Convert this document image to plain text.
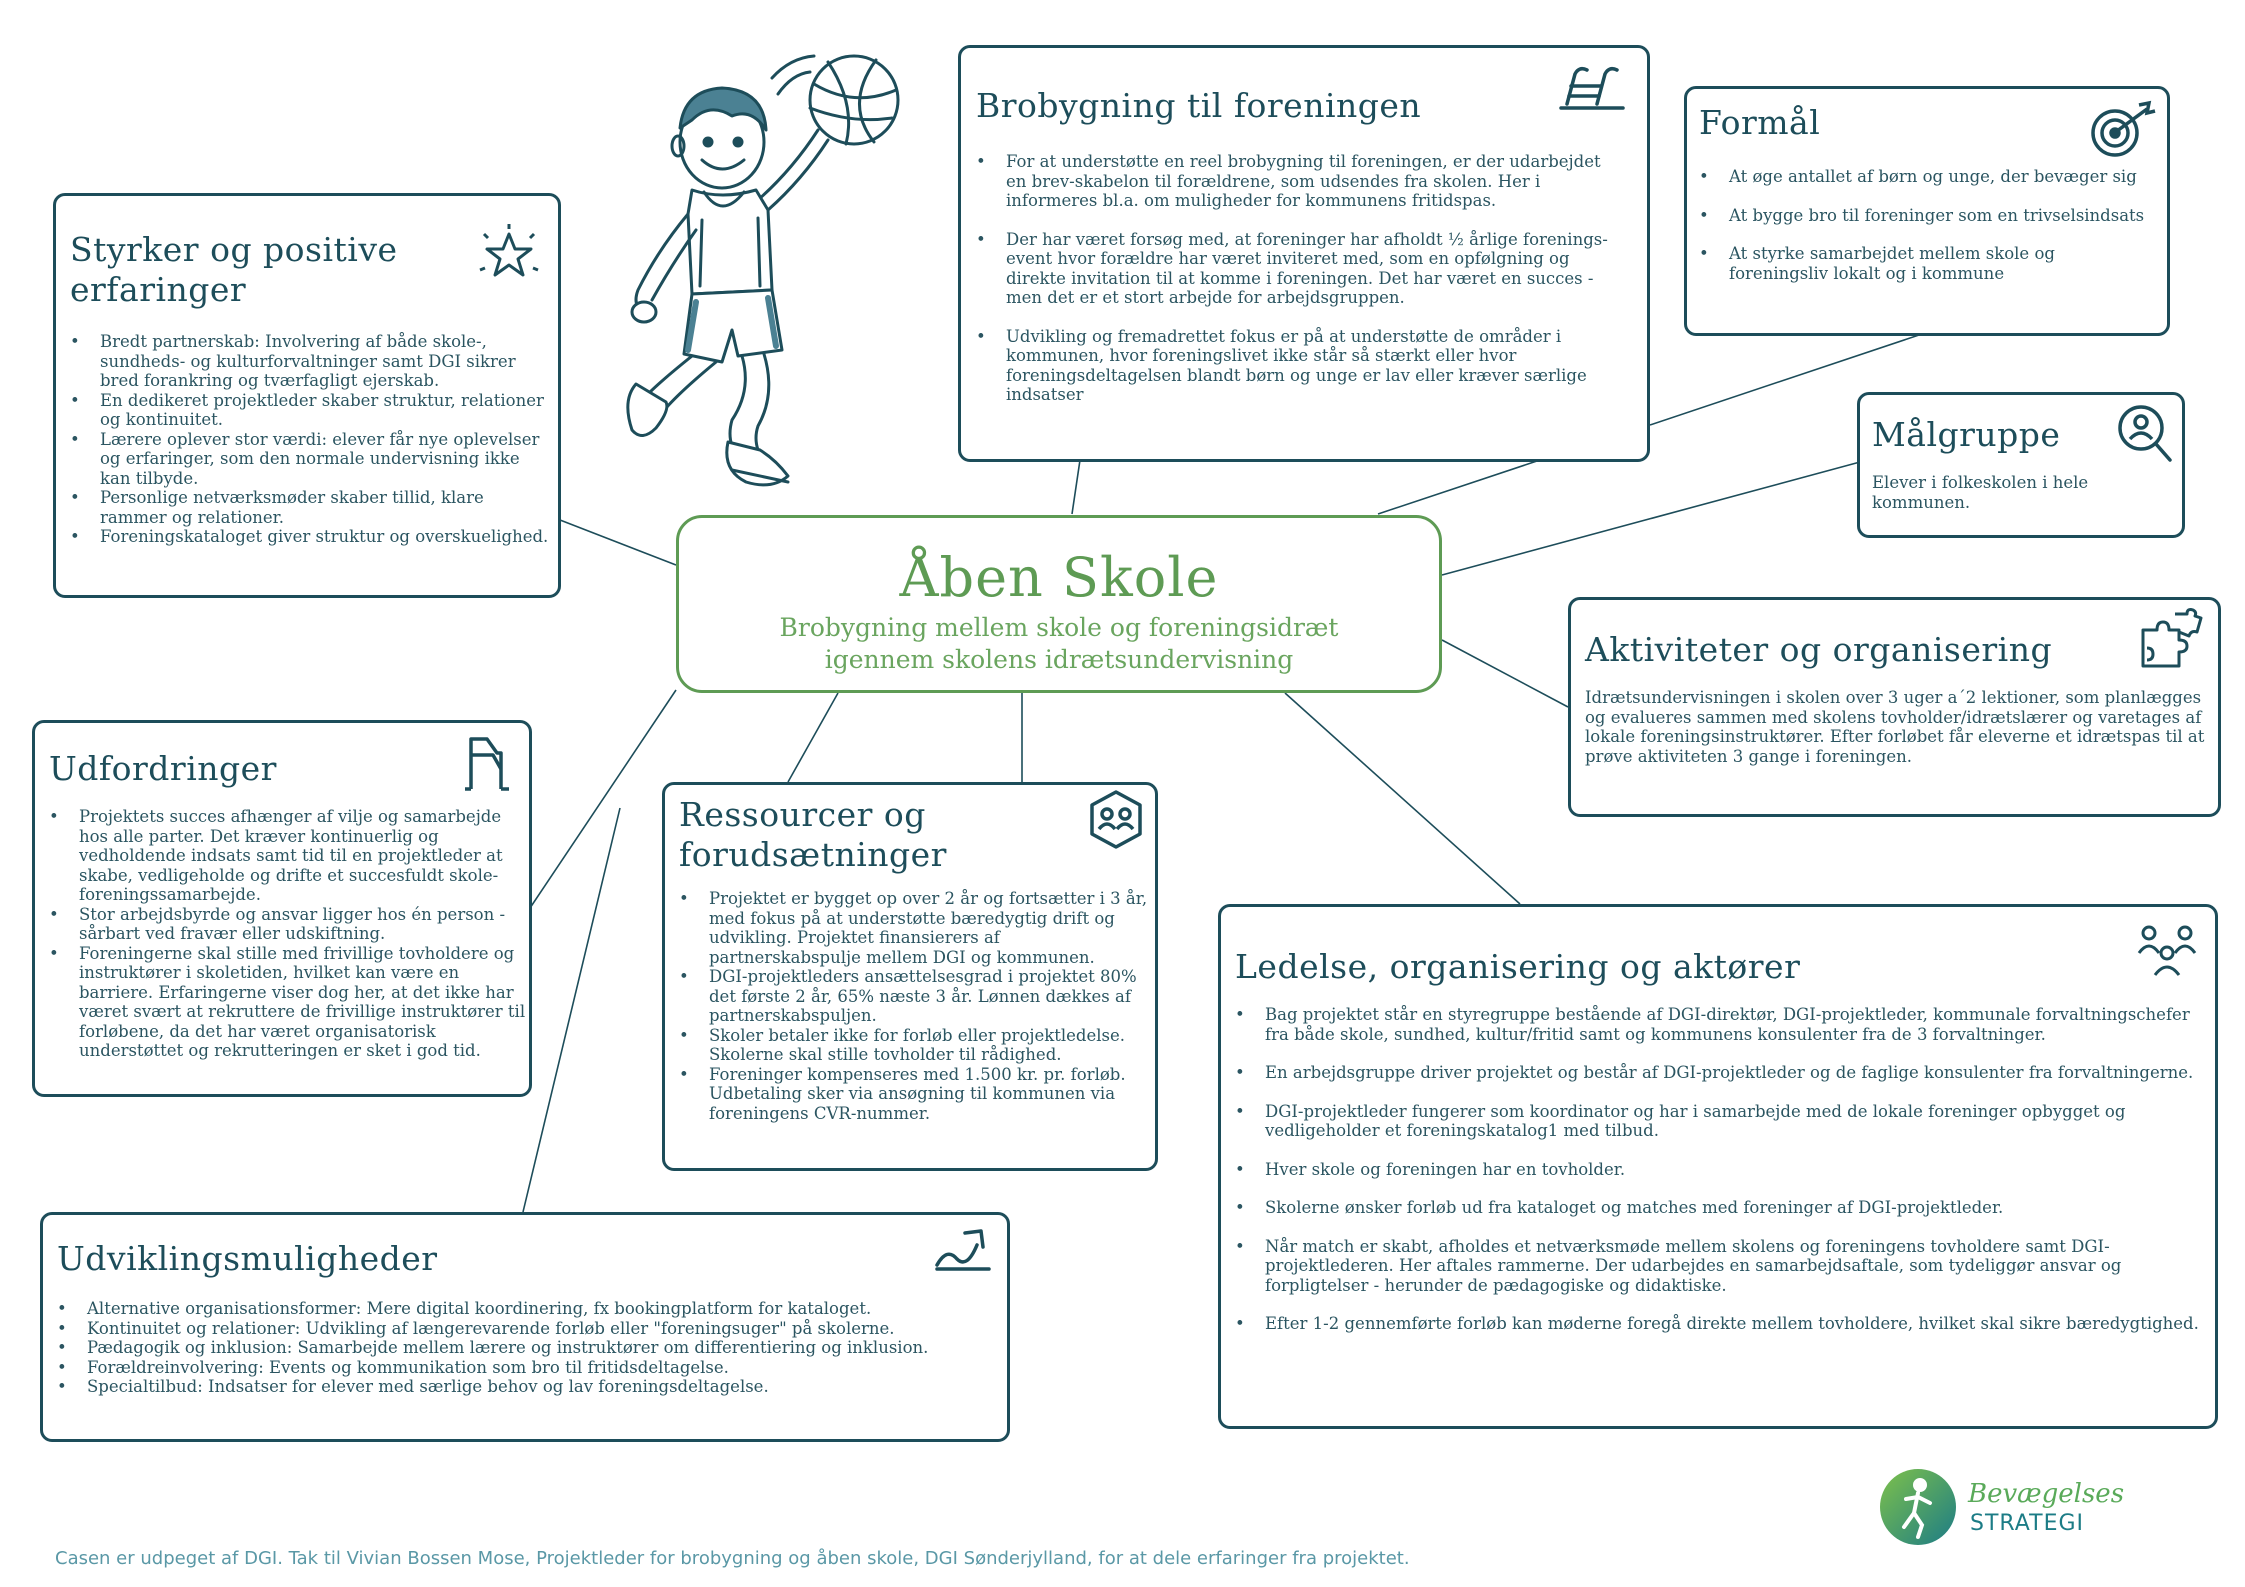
Åben Skole
Brobygning mellem skole og foreningsidræt
igennem skolens idrætsundervisning
Brobygning til foreningen
• For at understøtte en reel brobygning til foreningen, er der udarbejdet en brev-skabelon til forældrene, som udsendes fra skolen. Her i informeres bl.a. om muligheder for kommunens fritidspas.
• Der har været forsøg med, at foreninger har afholdt ½ årlige forenings-event hvor forældre har været inviteret med, som en opfølgning og direkte invitation til at komme i foreningen. Det har været en succes - men det er et stort arbejde for arbejdsgruppen.
• Udvikling og fremadrettet fokus er på at understøtte de områder i kommunen, hvor foreningslivet ikke står så stærkt eller hvor foreningsdeltagelsen blandt børn og unge er lav eller kræver særlige indsatser
Formål
• At øge antallet af børn og unge, der bevæger sig
• At bygge bro til foreninger som en trivselsindsats
• At styrke samarbejdet mellem skole og foreningsliv lokalt og i kommune
Målgruppe
Elever i folkeskolen i hele kommunen.
Styrker og positive
erfaringer
• Bredt partnerskab: Involvering af både skole-, sundheds- og kulturforvaltninger samt DGI sikrer bred forankring og tværfagligt ejerskab.
• En dedikeret projektleder skaber struktur, relationer og kontinuitet.
• Lærere oplever stor værdi: elever får nye oplevelser og erfaringer, som den normale undervisning ikke kan tilbyde.
• Personlige netværksmøder skaber tillid, klare rammer og relationer.
• Foreningskataloget giver struktur og overskuelighed.
Aktiviteter og organisering
Idrætsundervisningen i skolen over 3 uger a´2 lektioner, som planlægges og evalueres sammen med skolens tovholder/idrætslærer og varetages af lokale foreningsinstruktører. Efter forløbet får eleverne et idrætspas til at prøve aktiviteten 3 gange i foreningen.
Udfordringer
• Projektets succes afhænger af vilje og samarbejde hos alle parter. Det kræver kontinuerlig og vedholdende indsats samt tid til en projektleder at skabe, vedligeholde og drifte et succesfuldt skole-foreningssamarbejde.
• Stor arbejdsbyrde og ansvar ligger hos én person - sårbart ved fravær eller udskiftning.
• Foreningerne skal stille med frivillige tovholdere og instruktører i skoletiden, hvilket kan være en barriere. Erfaringerne viser dog her, at det ikke har været svært at rekruttere de frivillige instruktører til forløbene, da det har været organisatorisk understøttet og rekrutteringen er sket i god tid.
Ressourcer og
forudsætninger
• Projektet er bygget op over 2 år og fortsætter i 3 år, med fokus på at understøtte bæredygtig drift og udvikling. Projektet finansierers af partnerskabspulje mellem DGI og kommunen.
• DGI-projektleders ansættelsesgrad i projektet 80% det første 2 år, 65% næste 3 år. Lønnen dækkes af partnerskabspuljen.
• Skoler betaler ikke for forløb eller projektledelse. Skolerne skal stille tovholder til rådighed.
• Foreninger kompenseres med 1.500 kr. pr. forløb. Udbetaling sker via ansøgning til kommunen via foreningens CVR-nummer.
Ledelse, organisering og aktører
• Bag projektet står en styregruppe bestående af DGI-direktør, DGI-projektleder, kommunale forvaltningschefer fra både skole, sundhed, kultur/fritid samt og kommunens konsulenter fra de 3 forvaltninger.
• En arbejdsgruppe driver projektet og består af DGI-projektleder og de faglige konsulenter fra forvaltningerne.
• DGI-projektleder fungerer som koordinator og har i samarbejde med de lokale foreninger opbygget og vedligeholder et foreningskatalog1 med tilbud.
• Hver skole og foreningen har en tovholder.
• Skolerne ønsker forløb ud fra kataloget og matches med foreninger af DGI-projektleder.
• Når match er skabt, afholdes et netværksmøde mellem skolens og foreningens tovholdere samt DGI-projektlederen. Her aftales rammerne. Der udarbejdes en samarbejdsaftale, som tydeliggør ansvar og forpligtelser - herunder de pædagogiske og didaktiske.
• Efter 1-2 gennemførte forløb kan møderne foregå direkte mellem tovholdere, hvilket skal sikre bæredygtighed.
Udviklingsmuligheder
• Alternative organisationsformer: Mere digital koordinering, fx bookingplatform for kataloget.
• Kontinuitet og relationer: Udvikling af længerevarende forløb eller "foreningsuger" på skolerne.
• Pædagogik og inklusion: Samarbejde mellem lærere og instruktører om differentiering og inklusion.
• Forældreinvolvering: Events og kommunikation som bro til fritidsdeltagelse.
• Specialtilbud: Indsatser for elever med særlige behov og lav foreningsdeltagelse.
Bevægelses
STRATEGI
Casen er udpeget af DGI. Tak til Vivian Bossen Mose, Projektleder for brobygning og åben skole, DGI Sønderjylland, for at dele erfaringer fra projektet.
